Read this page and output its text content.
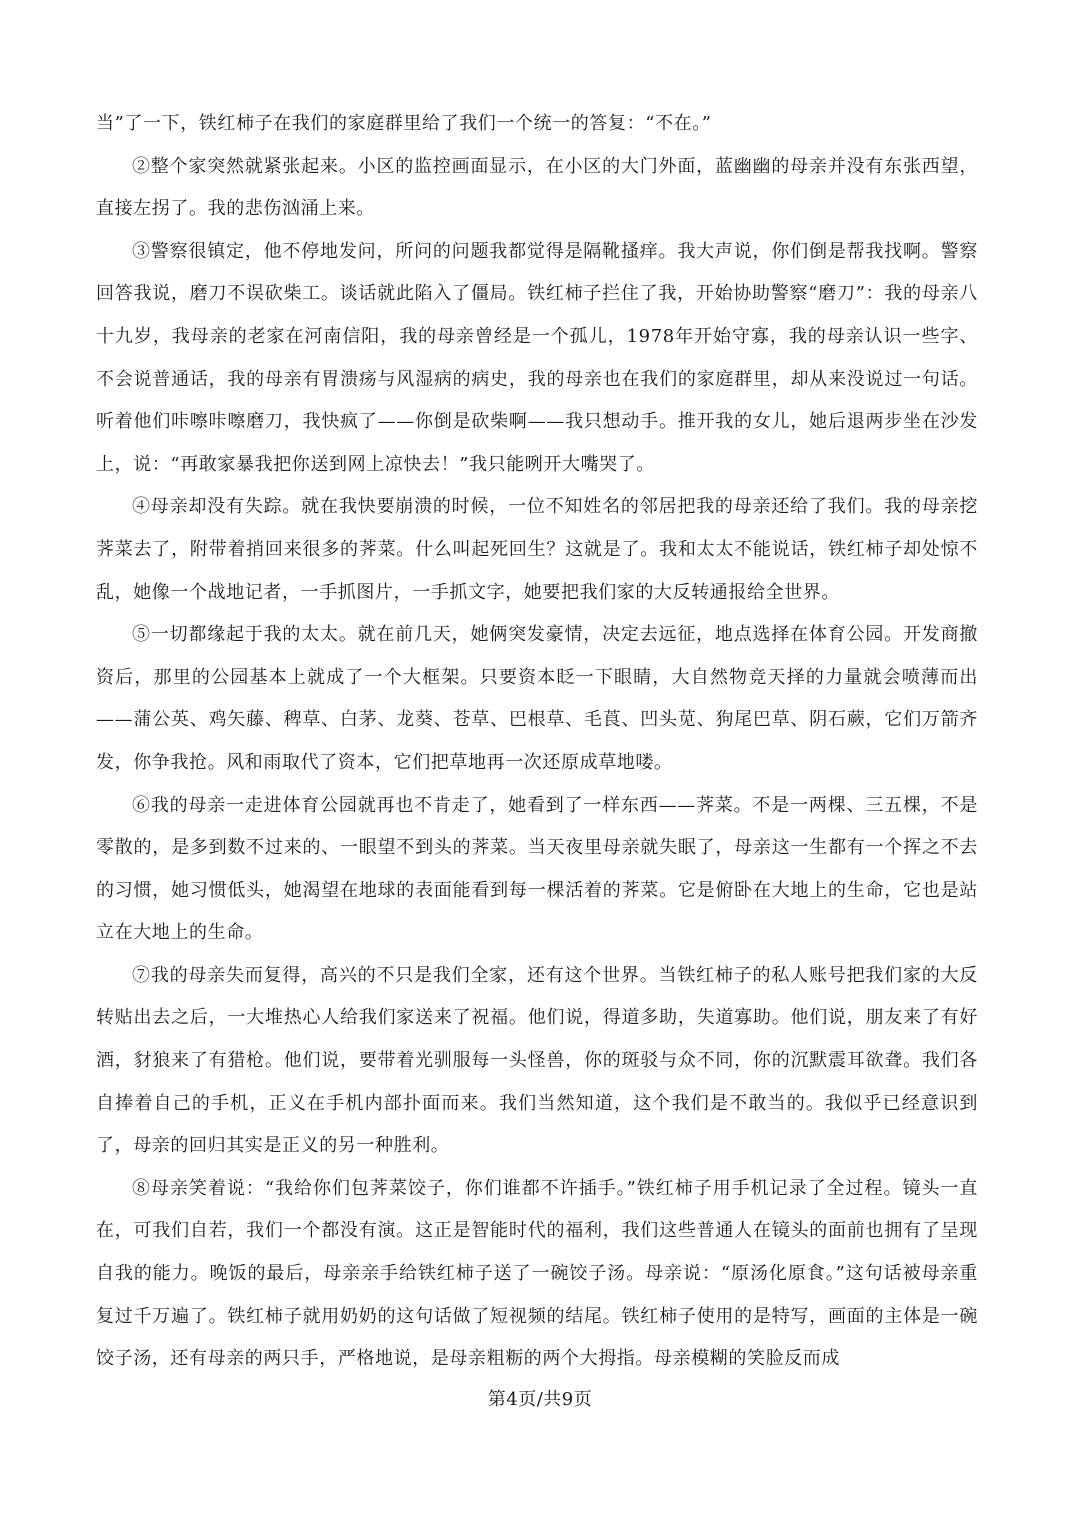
当”了一下，铁红柿子在我们的家庭群里给了我们一个统一的答复：“不在。”

②整个家突然就紧张起来。小区的监控画面显示，在小区的大门外面，蓝幽幽的母亲并没有东张西望，直接左拐了。我的悲伤汹涌上来。

③警察很镇定，他不停地发问，所问的问题我都觉得是隔靴搔痒。我大声说，你们倒是帮我找啊。警察回答我说，磨刀不误砍柴工。谈话就此陷入了僵局。铁红柿子拦住了我，开始协助警察“磨刀”：我的母亲八十九岁，我母亲的老家在河南信阳，我的母亲曾经是一个孤儿，1978年开始守寡，我的母亲认识一些字、不会说普通话，我的母亲有胃溃疡与风湿病的病史，我的母亲也在我们的家庭群里，却从来没说过一句话。听着他们咔嚓咔嚓磨刀，我快疯了——你倒是砍柴啊——我只想动手。推开我的女儿，她后退两步坐在沙发上，说：“再敢家暴我把你送到网上凉快去！”我只能咧开大嘴哭了。

④母亲却没有失踪。就在我快要崩溃的时候，一位不知姓名的邻居把我的母亲还给了我们。我的母亲挖荠菜去了，附带着捎回来很多的荠菜。什么叫起死回生？这就是了。我和太太不能说话，铁红柿子却处惊不乱，她像一个战地记者，一手抓图片，一手抓文字，她要把我们家的大反转通报给全世界。

⑤一切都缘起于我的太太。就在前几天，她俩突发豪情，决定去远征，地点选择在体育公园。开发商撤资后，那里的公园基本上就成了一个大框架。只要资本眨一下眼睛，大自然物竞天择的力量就会喷薄而出——蒲公英、鸡矢藤、稗草、白茅、龙葵、苍草、巴根草、毛莨、凹头苋、狗尾巴草、阴石蕨，它们万箭齐发，你争我抢。风和雨取代了资本，它们把草地再一次还原成草地喽。

⑥我的母亲一走进体育公园就再也不肯走了，她看到了一样东西——荠菜。不是一两棵、三五棵，不是零散的，是多到数不过来的、一眼望不到头的荠菜。当天夜里母亲就失眠了，母亲这一生都有一个挥之不去的习惯，她习惯低头，她渴望在地球的表面能看到每一棵活着的荠菜。它是俯卧在大地上的生命，它也是站立在大地上的生命。

⑦我的母亲失而复得，高兴的不只是我们全家，还有这个世界。当铁红柿子的私人账号把我们家的大反转贴出去之后，一大堆热心人给我们家送来了祝福。他们说，得道多助，失道寡助。他们说，朋友来了有好酒，豺狼来了有猎枪。他们说，要带着光驯服每一头怪兽，你的斑驳与众不同，你的沉默震耳欲聋。我们各自捧着自己的手机，正义在手机内部扑面而来。我们当然知道，这个我们是不敢当的。我似乎已经意识到了，母亲的回归其实是正义的另一种胜利。

⑧母亲笑着说：“我给你们包荠菜饺子，你们谁都不许插手。”铁红柿子用手机记录了全过程。镜头一直在，可我们自若，我们一个都没有演。这正是智能时代的福利，我们这些普通人在镜头的面前也拥有了呈现自我的能力。晚饭的最后，母亲亲手给铁红柿子送了一碗饺子汤。母亲说：“原汤化原食。”这句话被母亲重复过千万遍了。铁红柿子就用奶奶的这句话做了短视频的结尾。铁红柿子使用的是特写，画面的主体是一碗饺子汤，还有母亲的两只手，严格地说，是母亲粗粝的两个大拇指。母亲模糊的笑脸反而成

第4页/共9页
